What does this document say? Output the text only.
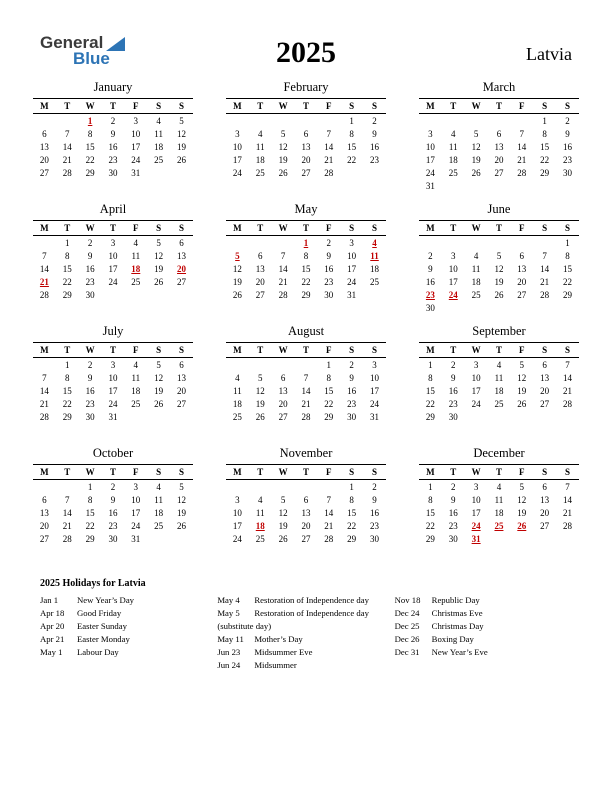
General
Blue	2025	Latvia
January
M	T	W	T	F	S	S
		1	2	3	4	5
6	7	8	9	10	11	12
13	14	15	16	17	18	19
20	21	22	23	24	25	26
27	28	29	30	31		
February
M	T	W	T	F	S	S
					1	2
3	4	5	6	7	8	9
10	11	12	13	14	15	16
17	18	19	20	21	22	23
24	25	26	27	28		
March
M	T	W	T	F	S	S
					1	2
3	4	5	6	7	8	9
10	11	12	13	14	15	16
17	18	19	20	21	22	23
24	25	26	27	28	29	30
31						
April
M	T	W	T	F	S	S
	1	2	3	4	5	6
7	8	9	10	11	12	13
14	15	16	17	18	19	20
21	22	23	24	25	26	27
28	29	30				
May
M	T	W	T	F	S	S
			1	2	3	4
5	6	7	8	9	10	11
12	13	14	15	16	17	18
19	20	21	22	23	24	25
26	27	28	29	30	31	
June
M	T	W	T	F	S	S
						1
2	3	4	5	6	7	8
9	10	11	12	13	14	15
16	17	18	19	20	21	22
23	24	25	26	27	28	29
30						
July
M	T	W	T	F	S	S
	1	2	3	4	5	6
7	8	9	10	11	12	13
14	15	16	17	18	19	20
21	22	23	24	25	26	27
28	29	30	31			
August
M	T	W	T	F	S	S
				1	2	3
4	5	6	7	8	9	10
11	12	13	14	15	16	17
18	19	20	21	22	23	24
25	26	27	28	29	30	31
September
M	T	W	T	F	S	S
1	2	3	4	5	6	7
8	9	10	11	12	13	14
15	16	17	18	19	20	21
22	23	24	25	26	27	28
29	30					
October
M	T	W	T	F	S	S
		1	2	3	4	5
6	7	8	9	10	11	12
13	14	15	16	17	18	19
20	21	22	23	24	25	26
27	28	29	30	31		
November
M	T	W	T	F	S	S
					1	2
3	4	5	6	7	8	9
10	11	12	13	14	15	16
17	18	19	20	21	22	23
24	25	26	27	28	29	30
December
M	T	W	T	F	S	S
1	2	3	4	5	6	7
8	9	10	11	12	13	14
15	16	17	18	19	20	21
22	23	24	25	26	27	28
29	30	31				
2025 Holidays for Latvia
Jan 1 New Year’s Day
Apr 18 Good Friday
Apr 20 Easter Sunday
Apr 21 Easter Monday
May 1 Labour Day
May 4 Restoration of Independence day
May 5 Restoration of Independence day
(substitute day)
May 11 Mother’s Day
Jun 23 Midsummer Eve
Jun 24 Midsummer
Nov 18 Republic Day
Dec 24 Christmas Eve
Dec 25 Christmas Day
Dec 26 Boxing Day
Dec 31 New Year’s Eve
